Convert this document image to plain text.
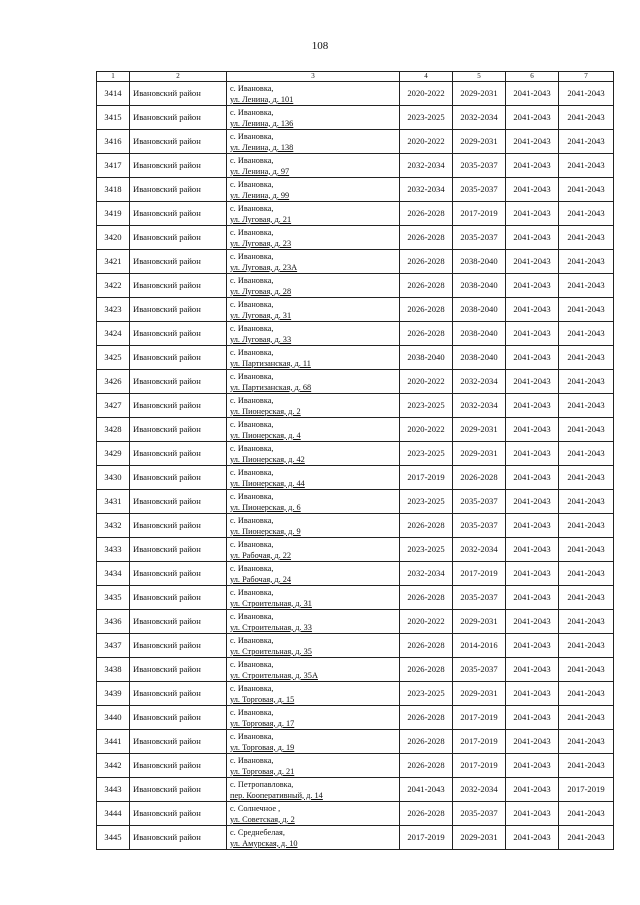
108
1	2	3	4	5	6	7
3414	Ивановский район	с. Ивановка,
ул. Ленина, д. 101	2020-2022	2029-2031	2041-2043	2041-2043
3415	Ивановский район	с. Ивановка,
ул. Ленина, д. 136	2023-2025	2032-2034	2041-2043	2041-2043
3416	Ивановский район	с. Ивановка,
ул. Ленина, д. 138	2020-2022	2029-2031	2041-2043	2041-2043
3417	Ивановский район	с. Ивановка,
ул. Ленина, д. 97	2032-2034	2035-2037	2041-2043	2041-2043
3418	Ивановский район	с. Ивановка,
ул. Ленина, д. 99	2032-2034	2035-2037	2041-2043	2041-2043
3419	Ивановский район	с. Ивановка,
ул. Луговая, д. 21	2026-2028	2017-2019	2041-2043	2041-2043
3420	Ивановский район	с. Ивановка,
ул. Луговая, д. 23	2026-2028	2035-2037	2041-2043	2041-2043
3421	Ивановский район	с. Ивановка,
ул. Луговая, д. 23А	2026-2028	2038-2040	2041-2043	2041-2043
3422	Ивановский район	с. Ивановка,
ул. Луговая, д. 28	2026-2028	2038-2040	2041-2043	2041-2043
3423	Ивановский район	с. Ивановка,
ул. Луговая, д. 31	2026-2028	2038-2040	2041-2043	2041-2043
3424	Ивановский район	с. Ивановка,
ул. Луговая, д. 33	2026-2028	2038-2040	2041-2043	2041-2043
3425	Ивановский район	с. Ивановка,
ул. Партизанская, д. 11	2038-2040	2038-2040	2041-2043	2041-2043
3426	Ивановский район	с. Ивановка,
ул. Партизанская, д. 68	2020-2022	2032-2034	2041-2043	2041-2043
3427	Ивановский район	с. Ивановка,
ул. Пионерская, д. 2	2023-2025	2032-2034	2041-2043	2041-2043
3428	Ивановский район	с. Ивановка,
ул. Пионерская, д. 4	2020-2022	2029-2031	2041-2043	2041-2043
3429	Ивановский район	с. Ивановка,
ул. Пионерская, д. 42	2023-2025	2029-2031	2041-2043	2041-2043
3430	Ивановский район	с. Ивановка,
ул. Пионерская, д. 44	2017-2019	2026-2028	2041-2043	2041-2043
3431	Ивановский район	с. Ивановка,
ул. Пионерская, д. 6	2023-2025	2035-2037	2041-2043	2041-2043
3432	Ивановский район	с. Ивановка,
ул. Пионерская, д. 9	2026-2028	2035-2037	2041-2043	2041-2043
3433	Ивановский район	с. Ивановка,
ул. Рабочая, д. 22	2023-2025	2032-2034	2041-2043	2041-2043
3434	Ивановский район	с. Ивановка,
ул. Рабочая, д. 24	2032-2034	2017-2019	2041-2043	2041-2043
3435	Ивановский район	с. Ивановка,
ул. Строительная, д. 31	2026-2028	2035-2037	2041-2043	2041-2043
3436	Ивановский район	с. Ивановка,
ул. Строительная, д. 33	2020-2022	2029-2031	2041-2043	2041-2043
3437	Ивановский район	с. Ивановка,
ул. Строительная, д. 35	2026-2028	2014-2016	2041-2043	2041-2043
3438	Ивановский район	с. Ивановка,
ул. Строительная, д. 35А	2026-2028	2035-2037	2041-2043	2041-2043
3439	Ивановский район	с. Ивановка,
ул. Торговая, д. 15	2023-2025	2029-2031	2041-2043	2041-2043
3440	Ивановский район	с. Ивановка,
ул. Торговая, д. 17	2026-2028	2017-2019	2041-2043	2041-2043
3441	Ивановский район	с. Ивановка,
ул. Торговая, д. 19	2026-2028	2017-2019	2041-2043	2041-2043
3442	Ивановский район	с. Ивановка,
ул. Торговая, д. 21	2026-2028	2017-2019	2041-2043	2041-2043
3443	Ивановский район	с. Петропавловка,
пер. Кооперативный, д. 14	2041-2043	2032-2034	2041-2043	2017-2019
3444	Ивановский район	с. Солнечное ,
ул. Советская, д. 2	2026-2028	2035-2037	2041-2043	2041-2043
3445	Ивановский район	с. Среднебелая,
ул. Амурская, д. 10	2017-2019	2029-2031	2041-2043	2041-2043
